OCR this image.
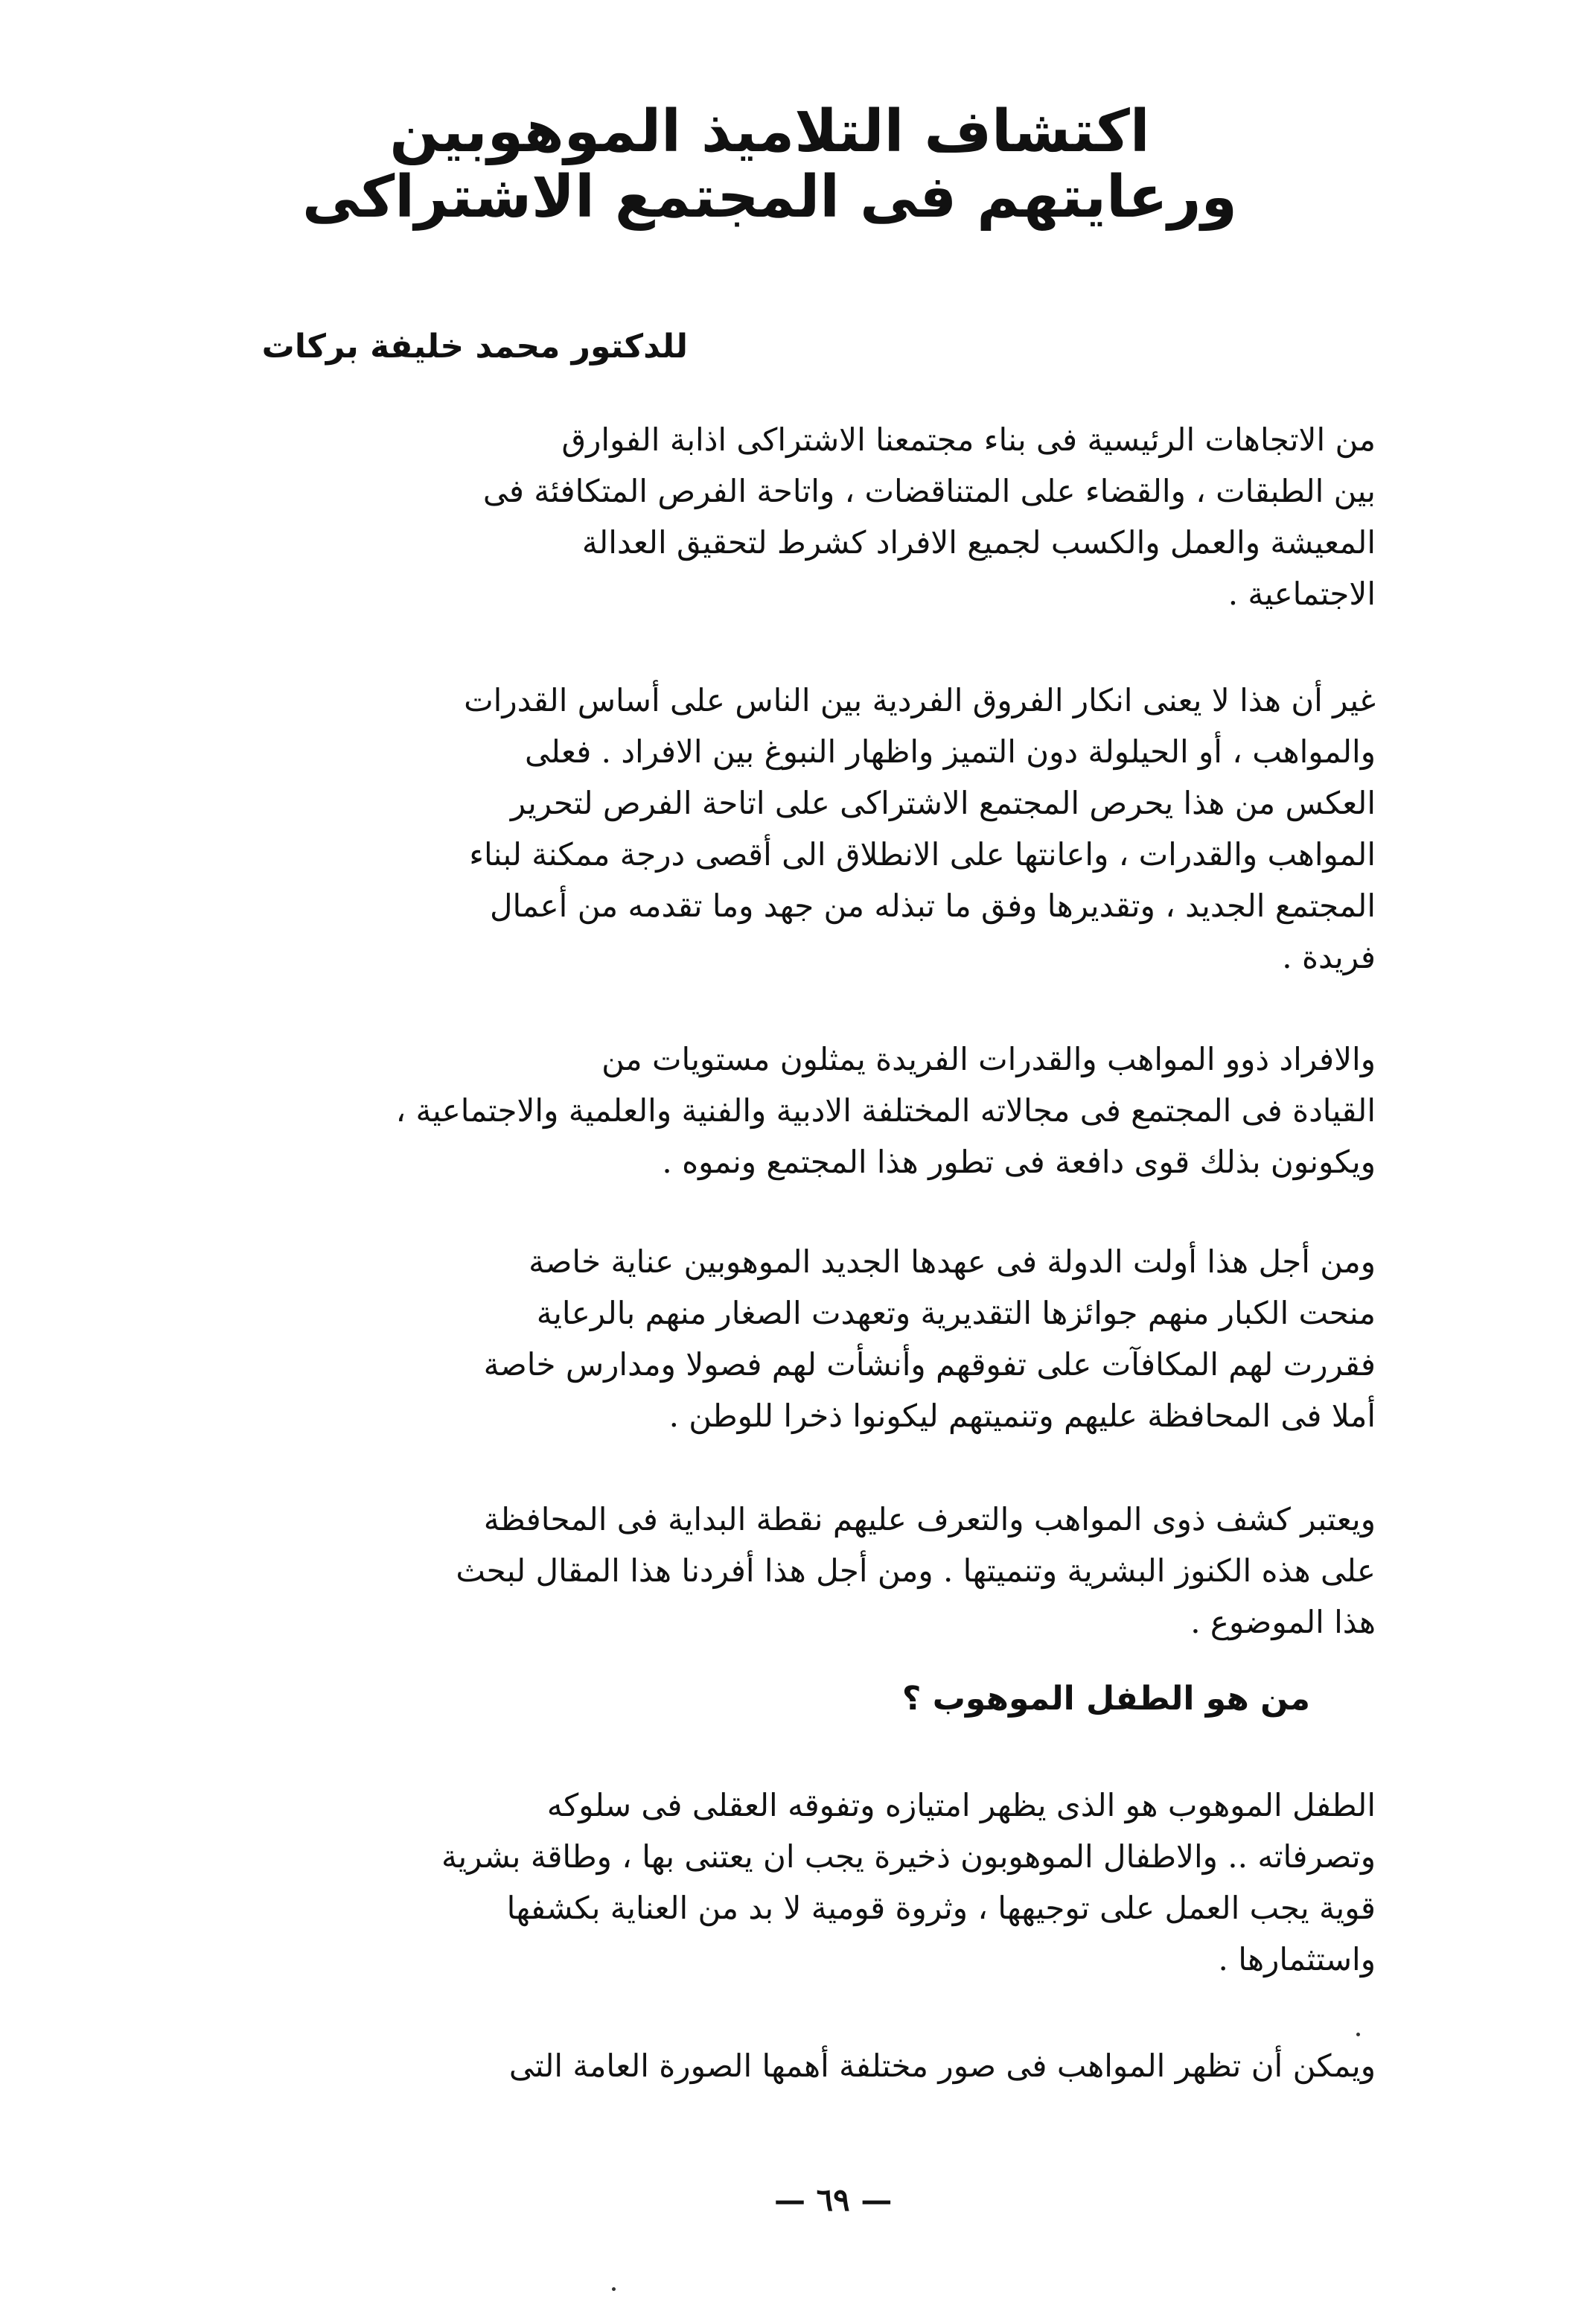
اكتشاف التلاميذ الموهوبين
ورعايتهم فى المجتمع الاشتراكى
للدكتور محمد خليفة بركات
من الاتجاهات الرئيسية فى بناء مجتمعنا الاشتراكى اذابة الفوارق
بين الطبقات ، والقضاء على المتناقضات ، واتاحة الفرص المتكافئة فى
المعيشة والعمل والكسب لجميع الافراد كشرط لتحقيق العدالة
الاجتماعية .
غير أن هذا لا يعنى انكار الفروق الفردية بين الناس على أساس القدرات
والمواهب ، أو الحيلولة دون التميز واظهار النبوغ بين الافراد . فعلى
العكس من هذا يحرص المجتمع الاشتراكى على اتاحة الفرص لتحرير
المواهب والقدرات ، واعانتها على الانطلاق الى أقصى درجة ممكنة لبناء
المجتمع الجديد ، وتقديرها وفق ما تبذله من جهد وما تقدمه من أعمال
فريدة .
والافراد ذوو المواهب والقدرات الفريدة يمثلون مستويات من
القيادة فى المجتمع فى مجالاته المختلفة الادبية والفنية والعلمية والاجتماعية ،
ويكونون بذلك قوى دافعة فى تطور هذا المجتمع ونموه .
ومن أجل هذا أولت الدولة فى عهدها الجديد الموهوبين عناية خاصة
منحت الكبار منهم جوائزها التقديرية وتعهدت الصغار منهم بالرعاية
فقررت لهم المكافآت على تفوقهم وأنشأت لهم فصولا ومدارس خاصة
أملا فى المحافظة عليهم وتنميتهم ليكونوا ذخرا للوطن .
ويعتبر كشف ذوى المواهب والتعرف عليهم نقطة البداية فى المحافظة
على هذه الكنوز البشرية وتنميتها . ومن أجل هذا أفردنا هذا المقال لبحث
هذا الموضوع .
من هو الطفل الموهوب ؟
الطفل الموهوب هو الذى يظهر امتيازه وتفوقه العقلى فى سلوكه
وتصرفاته .. والاطفال الموهوبون ذخيرة يجب ان يعتنى بها ، وطاقة بشرية
قوية يجب العمل على توجيهها ، وثروة قومية لا بد من العناية بكشفها
واستثمارها .
ويمكن أن تظهر المواهب فى صور مختلفة أهمها الصورة العامة التى
— ٦٩ —
